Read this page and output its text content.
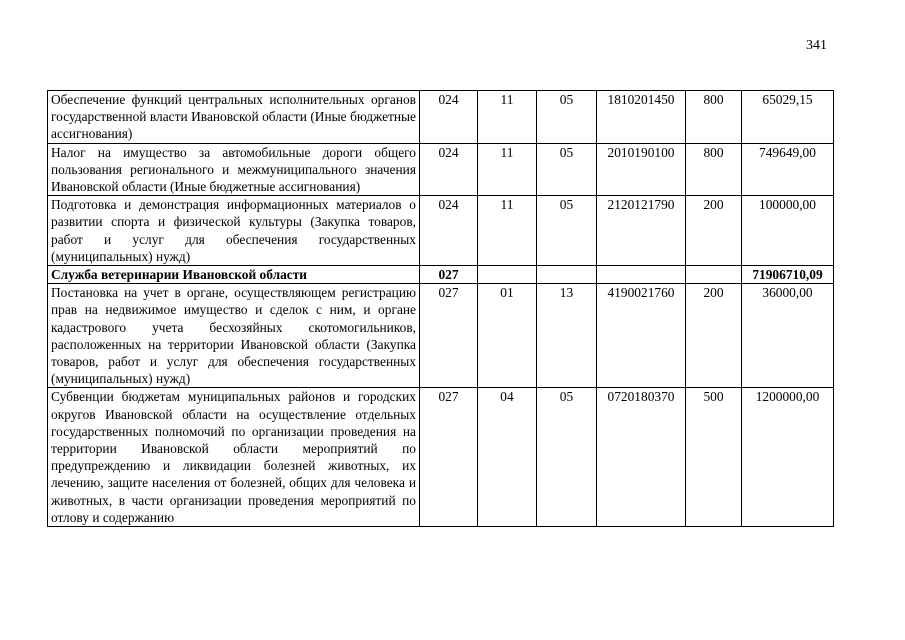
341
Обеспечение функций центральных исполнительных органов государственной власти Ивановской области (Иные бюджетные ассигнования)	024	11	05	1810201450	800	65029,15
Налог на имущество за автомобильные дороги общего пользования регионального и межмуниципального значения Ивановской области (Иные бюджетные ассигнования)	024	11	05	2010190100	800	749649,00
Подготовка и демонстрация информационных материалов о развитии спорта и физической культуры (Закупка товаров, работ и услуг для обеспечения государственных (муниципальных) нужд)	024	11	05	2120121790	200	100000,00
Служба ветеринарии Ивановской области	027					71906710,09
Постановка на учет в органе, осуществляющем регистрацию прав на недвижимое имущество и сделок с ним, и органе кадастрового учета бесхозяйных скотомогильников, расположенных на территории Ивановской области (Закупка товаров, работ и услуг для обеспечения государственных (муниципальных) нужд)	027	01	13	4190021760	200	36000,00
Субвенции бюджетам муниципальных районов и городских округов Ивановской области на осуществление отдельных государственных полномочий по организации проведения на территории Ивановской области мероприятий по предупреждению и ликвидации болезней животных, их лечению, защите населения от болезней, общих для человека и животных, в части организации проведения мероприятий по отлову и содержанию	027	04	05	0720180370	500	1200000,00
